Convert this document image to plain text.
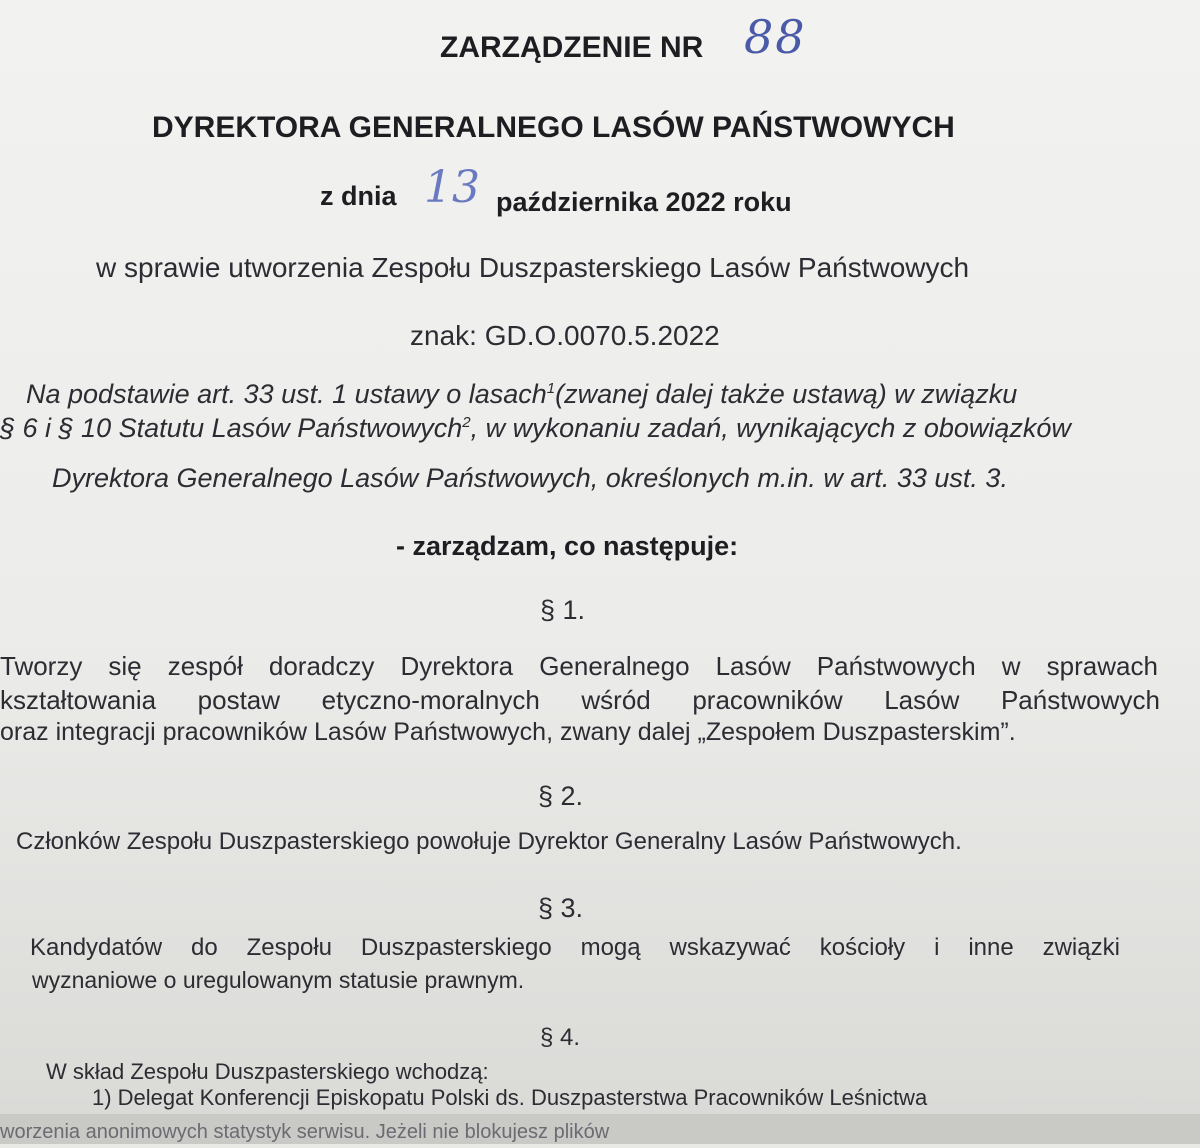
ZARZĄDZENIE NR 88
DYREKTORA GENERALNEGO LASÓW PAŃSTWOWYCH
z dnia 13 października 2022 roku
w sprawie utworzenia Zespołu Duszpasterskiego Lasów Państwowych
znak: GD.O.0070.5.2022
Na podstawie art. 33 ust. 1 ustawy o lasach$^1$(zwanej dalej także ustawą) w związku
§ 6 i § 10 Statutu Lasów Państwowych$^2$, w wykonaniu zadań, wynikających z obowiązków
Dyrektora Generalnego Lasów Państwowych, określonych m.in. w art. 33 ust. 3.
- zarządzam, co następuje:
§ 1.
Tworzy się zespół doradczy Dyrektora Generalnego Lasów Państwowych w sprawach
kształtowania postaw etyczno-moralnych wśród pracowników Lasów Państwowych
oraz integracji pracowników Lasów Państwowych, zwany dalej „Zespołem Duszpasterskim”.
§ 2.
Członków Zespołu Duszpasterskiego powołuje Dyrektor Generalny Lasów Państwowych.
§ 3.
Kandydatów do Zespołu Duszpasterskiego mogą wskazywać kościoły i inne związki
wyznaniowe o uregulowanym statusie prawnym.
§ 4.
W skład Zespołu Duszpasterskiego wchodzą:
1) Delegat Konferencji Episkopatu Polski ds. Duszpasterstwa Pracowników Leśnictwa
worzenia anonimowych statystyk serwisu. Jeżeli nie blokujesz plików
